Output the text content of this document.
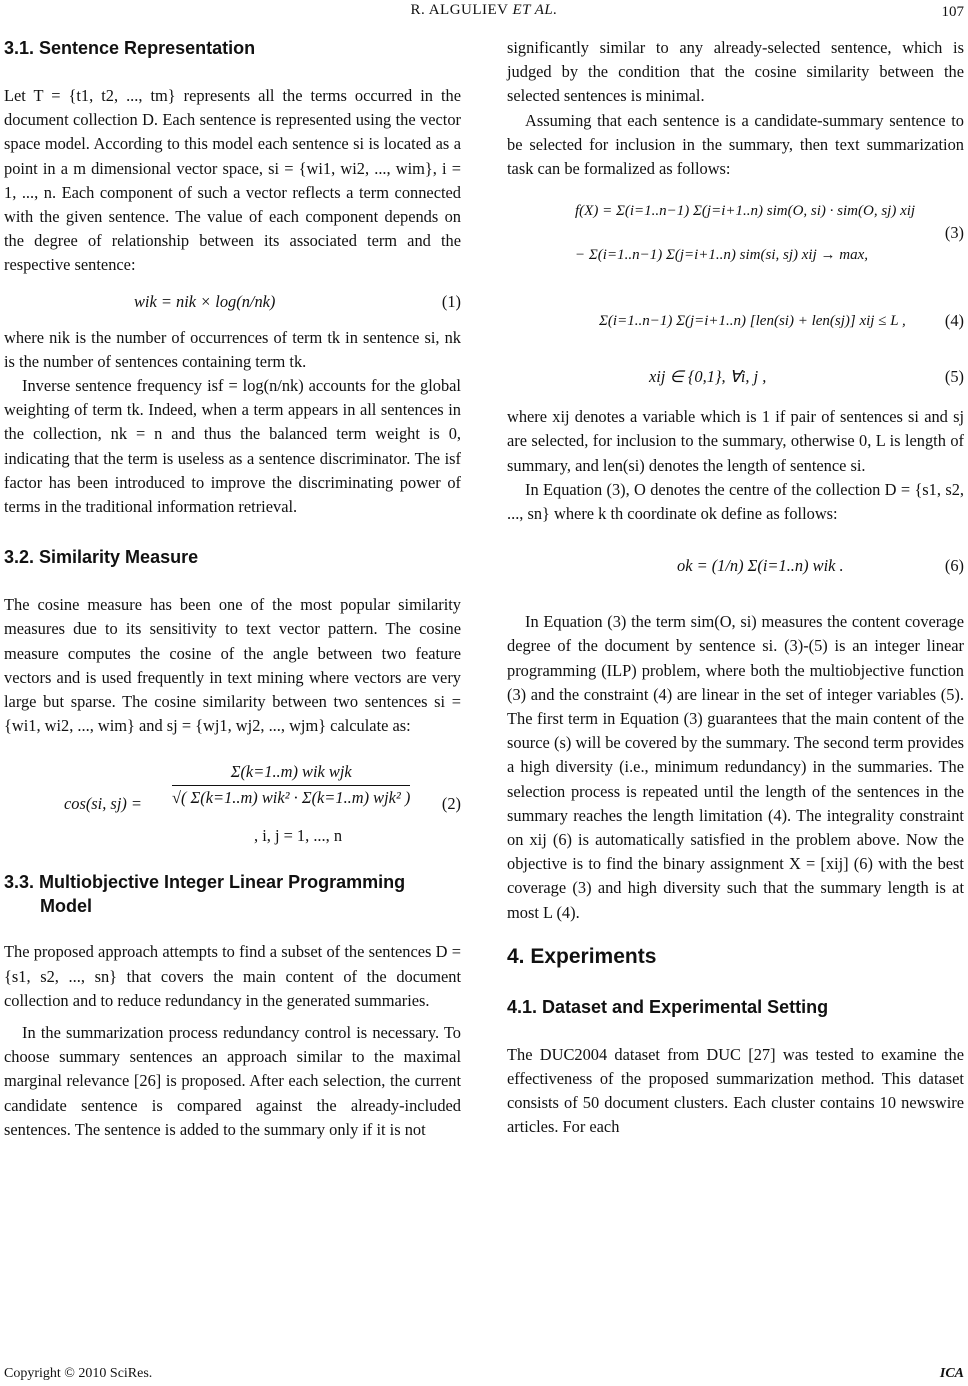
R. ALGULIEV ET AL.	107
3.1. Sentence Representation

Let T = {t1, t2, ..., tm} represents all the terms occurred in the document collection D. Each sentence is represented using the vector space model. According to this model each sentence si is located as a point in a m dimensional vector space, si = {wi1, wi2, ..., wim}, i = 1, ..., n. Each component of such a vector reflects a term connected with the given sentence. The value of each component depends on the degree of relationship between its associated term and the respective sentence:

wik = nik × log(n/nk)	(1)

where nik is the number of occurrences of term tk in sentence si, nk is the number of sentences containing term tk.

Inverse sentence frequency isf = log(n/nk) accounts for the global weighting of term tk. Indeed, when a term appears in all sentences in the collection, nk = n and thus the balanced term weight is 0, indicating that the term is useless as a sentence discriminator. The isf factor has been introduced to improve the discriminating power of terms in the traditional information retrieval.

3.2. Similarity Measure

The cosine measure has been one of the most popular similarity measures due to its sensitivity to text vector pattern. The cosine measure computes the cosine of the angle between two feature vectors and is used frequently in text mining where vectors are very large but sparse. The cosine similarity between two sentences si = {wi1, wi2, ..., wim} and sj = {wj1, wj2, ..., wjm} calculate as:

cos(si, sj) =
Σ(k=1..m) wik wjk
√( Σ(k=1..m) wik² · Σ(k=1..m) wjk² )
, i, j = 1, ..., n
(2)
3.3. Multiobjective Integer Linear Programming
Model

The proposed approach attempts to find a subset of the sentences D = {s1, s2, ..., sn} that covers the main content of the document collection and to reduce redundancy in the generated summaries.

In the summarization process redundancy control is necessary. To choose summary sentences an approach similar to the maximal marginal relevance [26] is proposed. After each selection, the current candidate sentence is compared against the already-included sentences. The sentence is added to the summary only if it is not

significantly similar to any already-selected sentence, which is judged by the condition that the cosine similarity between the selected sentences is minimal.

Assuming that each sentence is a candidate-summary sentence to be selected for inclusion in the summary, then text summarization task can be formalized as follows:

f(X) = Σ(i=1..n−1) Σ(j=i+1..n) sim(O, si) · sim(O, sj) xij
− Σ(i=1..n−1) Σ(j=i+1..n) sim(si, sj) xij → max,
(3)
Σ(i=1..n−1) Σ(j=i+1..n) [len(si) + len(sj)] xij ≤ L , (4)
xij ∈ {0,1}, ∀i, j ,	(5)

where xij denotes a variable which is 1 if pair of sentences si and sj are selected, for inclusion to the summary, otherwise 0, L is length of summary, and len(si) denotes the length of sentence si.

In Equation (3), O denotes the centre of the collection D = {s1, s2, ..., sn} where k th coordinate ok define as follows:

ok = (1/n) Σ(i=1..n) wik .	(6)

In Equation (3) the term sim(O, si) measures the content coverage degree of the document by sentence si. (3)-(5) is an integer linear programming (ILP) problem, where both the multiobjective function (3) and the constraint (4) are linear in the set of integer variables (5). The first term in Equation (3) guarantees that the main content of the source (s) will be covered by the summary. The second term provides a high diversity (i.e., minimum redundancy) in the summaries. The selection process is repeated until the length of the sentences in the summary reaches the length limitation (4). The integrality constraint on xij (6) is automatically satisfied in the problem above. Now the objective is to find the binary assignment X = [xij] (6) with the best coverage (3) and high diversity such that the summary length is at most L (4).

4. Experiments
4.1. Dataset and Experimental Setting

The DUC2004 dataset from DUC [27] was tested to examine the effectiveness of the proposed summarization method. This dataset consists of 50 document clusters. Each cluster contains 10 newswire articles. For each

Copyright © 2010 SciRes.	ICA
